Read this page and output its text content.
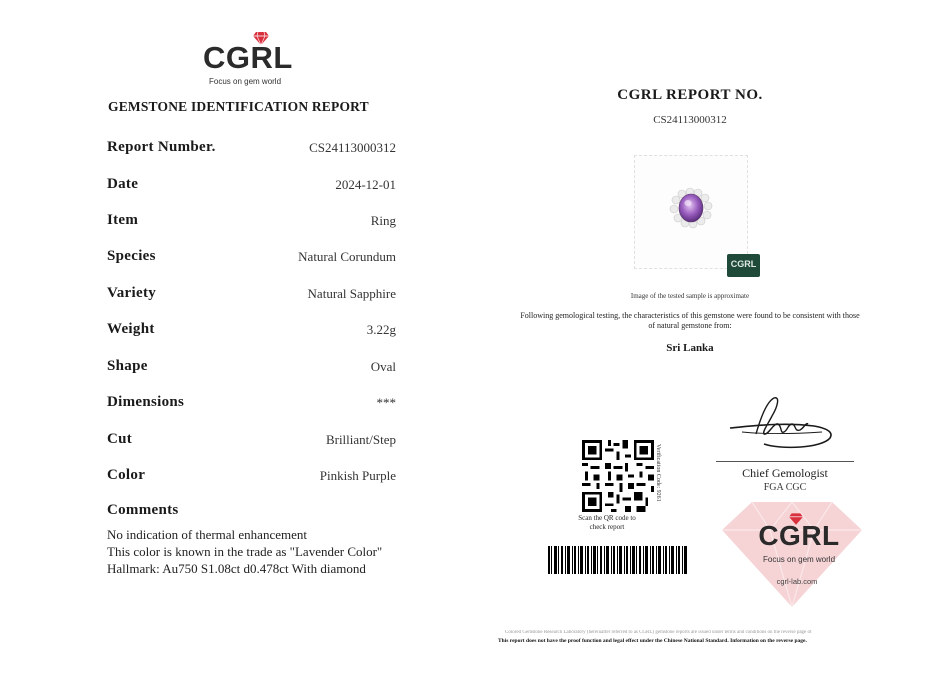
CGRL
Focus on gem world
GEMSTONE IDENTIFICATION REPORT
Report Number.	CS24113000312
Date	2024-12-01
Item	Ring
Species	Natural Corundum
Variety	Natural Sapphire
Weight	3.22g
Shape	Oval
Dimensions	***
Cut	Brilliant/Step
Color	Pinkish Purple
Comments
No indication of thermal enhancement
This color is known in the trade as "Lavender Color"
Hallmark: Au750 S1.08ct d0.478ct With diamond
CGRL REPORT NO.
CS24113000312
CGRL
Image of the tested sample is approximate
Following gemological testing, the characteristics of this gemstone were found to be consistent with those of natural gemstone from:
Sri Lanka
Verification Code: 9261
Scan the QR code to check report
Chief Gemologist
FGA CGC
CGRL
Focus on gem world
cgrl-lab.com
Colored Gemstone Research Laboratory (hereinafter referred to as CGRL) gemstone reports are issued under terms and conditions on the reverse page of
This report does not have the proof function and legal effect under the Chinese National Standard. Information on the reverse page.
